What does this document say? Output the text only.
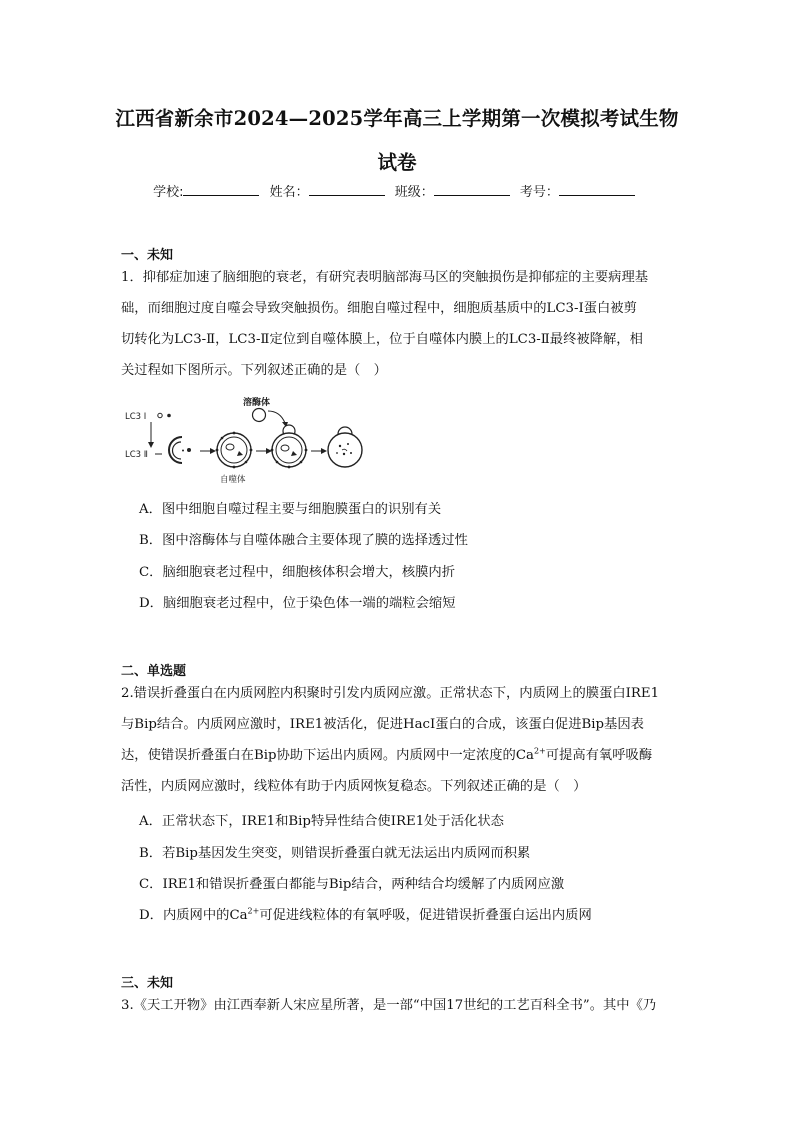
江西省新余市2024—2025学年高三上学期第一次模拟考试生物
试卷
学校:	姓名：	班级：	考号：
一、未知
1．抑郁症加速了脑细胞的衰老，有研究表明脑部海马区的突触损伤是抑郁症的主要病理基
础，而细胞过度自噬会导致突触损伤。细胞自噬过程中，细胞质基质中的LC3-Ⅰ蛋白被剪
切转化为LC3-Ⅱ，LC3-Ⅱ定位到自噬体膜上，位于自噬体内膜上的LC3-Ⅱ最终被降解，相
关过程如下图所示。下列叙述正确的是（　）
LC3 Ⅰ
LC3 Ⅱ
自噬体
溶酶体
A．图中细胞自噬过程主要与细胞膜蛋白的识别有关
B．图中溶酶体与自噬体融合主要体现了膜的选择透过性
C．脑细胞衰老过程中，细胞核体积会增大，核膜内折
D．脑细胞衰老过程中，位于染色体一端的端粒会缩短
二、单选题
2.错误折叠蛋白在内质网腔内积聚时引发内质网应激。正常状态下，内质网上的膜蛋白IRE1
与Bip结合。内质网应激时，IRE1被活化，促进HacI蛋白的合成，该蛋白促进Bip基因表
达，使错误折叠蛋白在Bip协助下运出内质网。内质网中一定浓度的$Ca^{2+}$可提高有氧呼吸酶
活性，内质网应激时，线粒体有助于内质网恢复稳态。下列叙述正确的是（　）
A．正常状态下，IRE1和Bip特异性结合使IRE1处于活化状态
B．若Bip基因发生突变，则错误折叠蛋白就无法运出内质网而积累
C．IRE1和错误折叠蛋白都能与Bip结合，两种结合均缓解了内质网应激
D．内质网中的$Ca^{2+}$可促进线粒体的有氧呼吸，促进错误折叠蛋白运出内质网
三、未知
3.《天工开物》由江西奉新人宋应星所著，是一部“中国17世纪的工艺百科全书”。其中《乃
